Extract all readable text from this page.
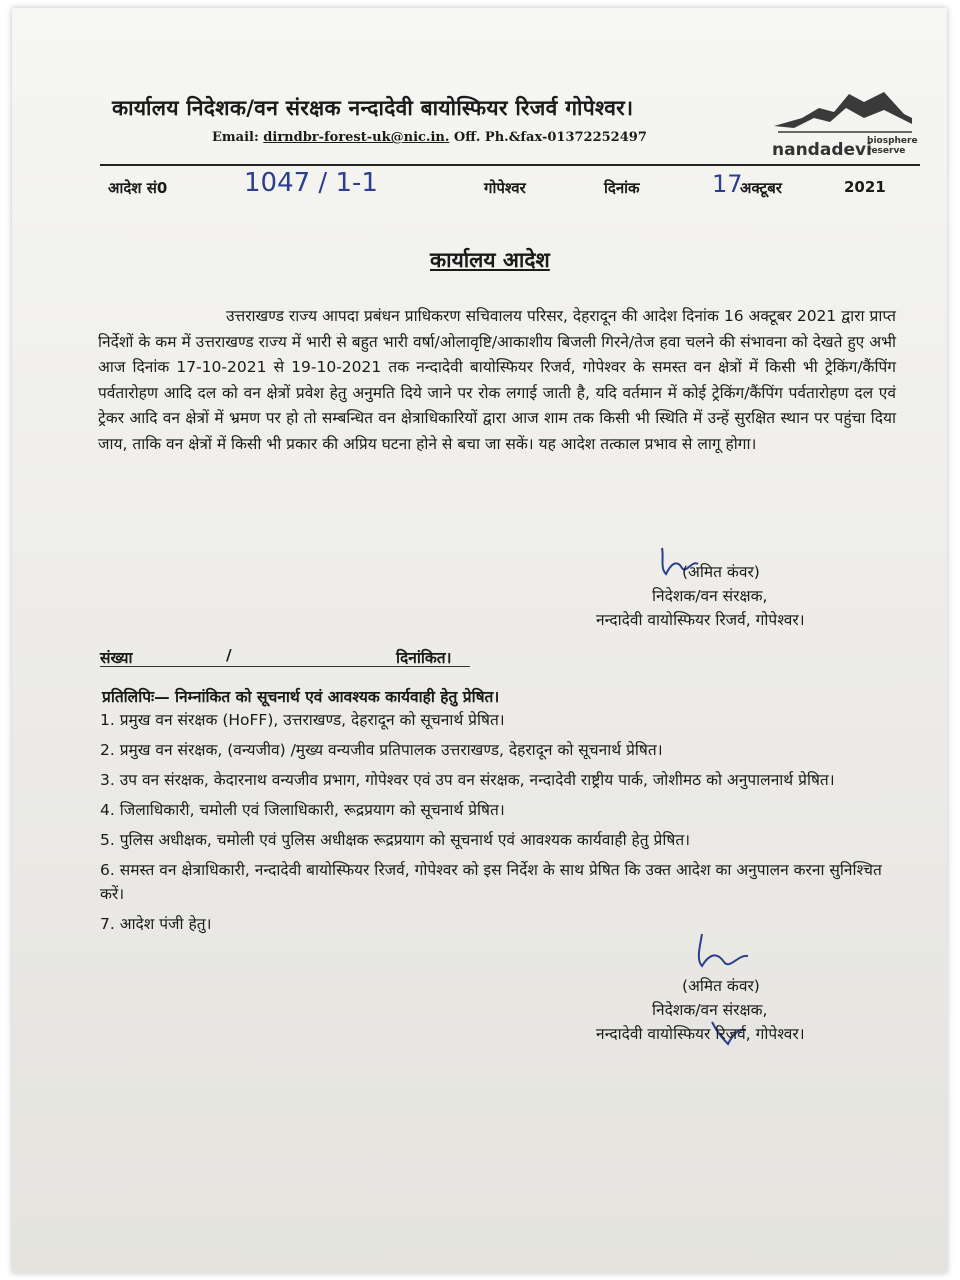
कार्यालय निदेशक/वन संरक्षक नन्दादेवी बायोस्फियर रिजर्व गोपेश्वर।
Email: dirndbr-forest-uk@nic.in. Off. Ph.&fax-01372252497
nandadevi
biosphere reserve
आदेश सं0	1047 / 1-1	गोपेश्वर	दिनांक	17
अक्टूबर	2021
कार्यालय आदेश

उत्तराखण्ड राज्य आपदा प्रबंधन प्राधिकरण सचिवालय परिसर, देहरादून की आदेश दिनांक 16 अक्टूबर 2021 द्वारा प्राप्त निर्देशों के कम में उत्तराखण्ड राज्य में भारी से बहुत भारी वर्षा/ओलावृष्टि/आकाशीय बिजली गिरने/तेज हवा चलने की संभावना को देखते हुए अभी आज दिनांक 17-10-2021 से 19-10-2021 तक नन्दादेवी बायोस्फियर रिजर्व, गोपेश्वर के समस्त वन क्षेत्रों में किसी भी ट्रेकिंग/कैंपिंग पर्वतारोहण आदि दल को वन क्षेत्रों प्रवेश हेतु अनुमति दिये जाने पर रोक लगाई जाती है, यदि वर्तमान में कोई ट्रेकिंग/कैंपिंग पर्वतारोहण दल एवं ट्रेकर आदि वन क्षेत्रों में भ्रमण पर हो तो सम्बन्धित वन क्षेत्राधिकारियों द्वारा आज शाम तक किसी भी स्थिति में उन्हें सुरक्षित स्थान पर पहुंचा दिया जाय, ताकि वन क्षेत्रों में किसी भी प्रकार की अप्रिय घटना होने से बचा जा सकें। यह आदेश तत्काल प्रभाव से लागू होगा।

(अमित कंवर)
निदेशक/वन संरक्षक,
नन्दादेवी वायोस्फियर रिजर्व, गोपेश्वर।
संख्या	/	दिनांकित।
प्रतिलिपिः— निम्नांकित को सूचनार्थ एवं आवश्यक कार्यवाही हेतु प्रेषित।
1. प्रमुख वन संरक्षक (HoFF), उत्तराखण्ड, देहरादून को सूचनार्थ प्रेषित।
2. प्रमुख वन संरक्षक, (वन्यजीव) /मुख्य वन्यजीव प्रतिपालक उत्तराखण्ड, देहरादून को सूचनार्थ प्रेषित।
3. उप वन संरक्षक, केदारनाथ वन्यजीव प्रभाग, गोपेश्वर एवं उप वन संरक्षक, नन्दादेवी राष्ट्रीय पार्क, जोशीमठ को अनुपालनार्थ प्रेषित।
4. जिलाधिकारी, चमोली एवं जिलाधिकारी, रूद्रप्रयाग को सूचनार्थ प्रेषित।
5. पुलिस अधीक्षक, चमोली एवं पुलिस अधीक्षक रूद्रप्रयाग को सूचनार्थ एवं आवश्यक कार्यवाही हेतु प्रेषित।
6. समस्त वन क्षेत्राधिकारी, नन्दादेवी बायोस्फियर रिजर्व, गोपेश्वर को इस निर्देश के साथ प्रेषित कि उक्त आदेश का अनुपालन करना सुनिश्चित करें।
7. आदेश पंजी हेतु।
(अमित कंवर)
निदेशक/वन संरक्षक,
नन्दादेवी वायोस्फियर रिजर्व, गोपेश्वर।
